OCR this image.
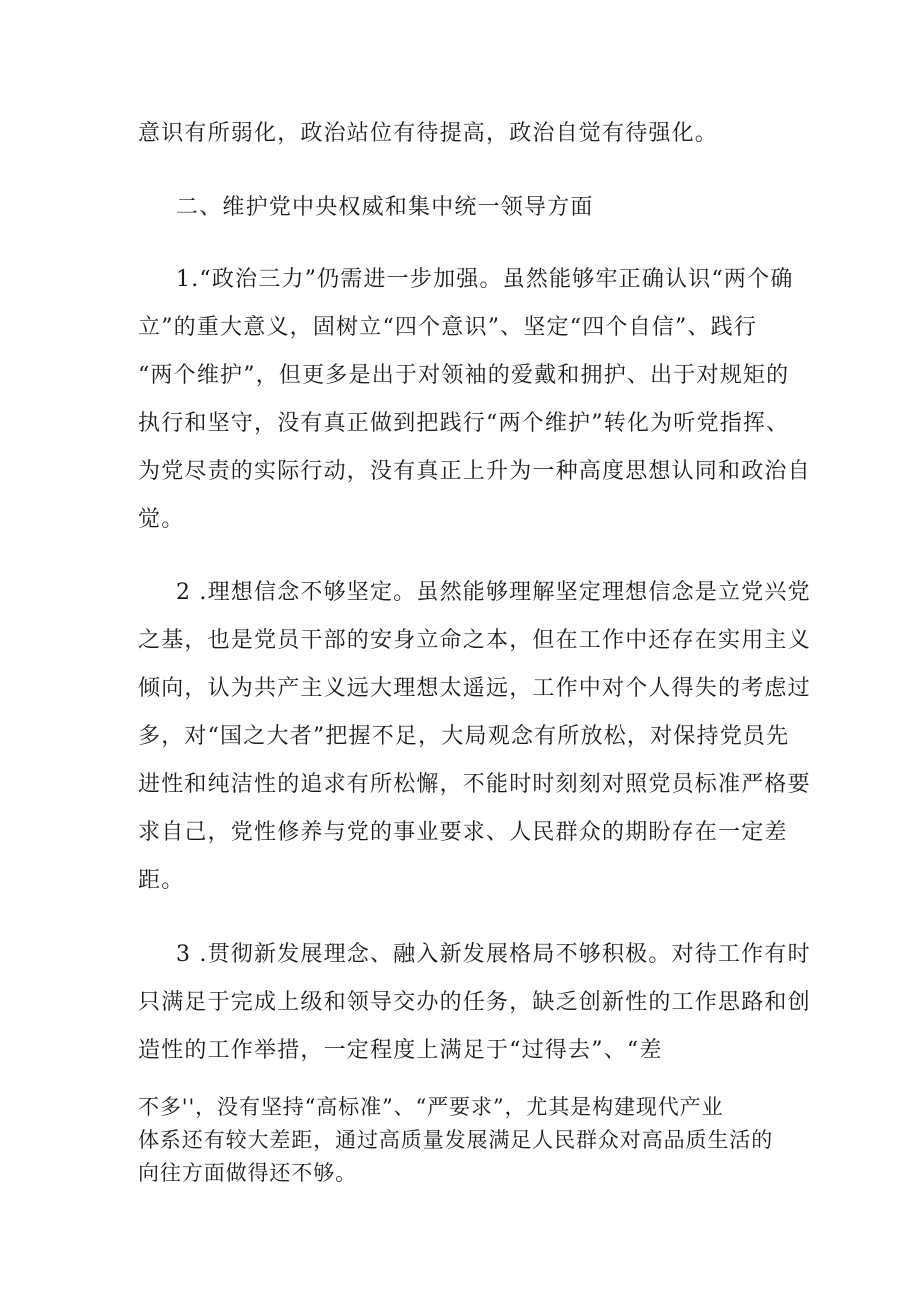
意识有所弱化，政治站位有待提高，政治自觉有待强化。

二、维护党中央权威和集中统一领导方面

1.“政治三力”仍需进一步加强。虽然能够牢正确认识“两个确

立”的重大意义，固树立“四个意识”、坚定“四个自信”、践行

“两个维护”，但更多是出于对领袖的爱戴和拥护、出于对规矩的

执行和坚守，没有真正做到把践行“两个维护”转化为听党指挥、

为党尽责的实际行动，没有真正上升为一种高度思想认同和政治自

觉。

2 .理想信念不够坚定。虽然能够理解坚定理想信念是立党兴党

之基，也是党员干部的安身立命之本，但在工作中还存在实用主义

倾向，认为共产主义远大理想太遥远，工作中对个人得失的考虑过

多，对“国之大者”把握不足，大局观念有所放松，对保持党员先

进性和纯洁性的追求有所松懈，不能时时刻刻对照党员标准严格要

求自己，党性修养与党的事业要求、人民群众的期盼存在一定差

距。

3 .贯彻新发展理念、融入新发展格局不够积极。对待工作有时

只满足于完成上级和领导交办的任务，缺乏创新性的工作思路和创

造性的工作举措，一定程度上满足于“过得去”、“差

不多''，没有坚持“高标准”、“严要求”，尤其是构建现代产业

体系还有较大差距，通过高质量发展满足人民群众对高品质生活的

向往方面做得还不够。
